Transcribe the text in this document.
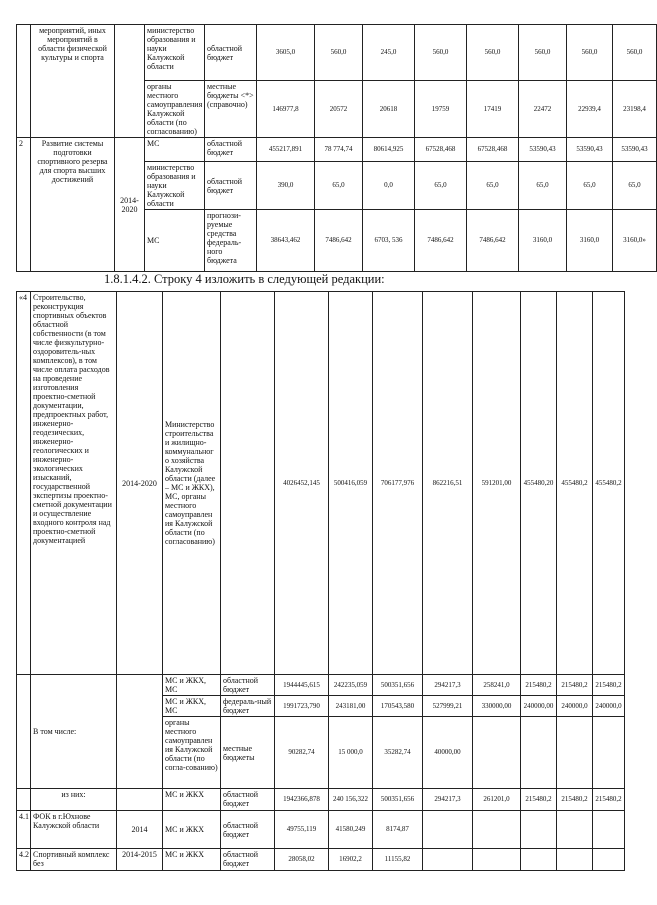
	мероприятий, иных мероприятий в области физической культуры и спорта		министерство образования и науки Калужской области	областной бюджет	3605,0	560,0	245,0	560,0	560,0	560,0	560,0	560,0
			органы местного самоуправления Калужской области (по согласованию)	местные бюджеты <*> (справочно)	146977,8	20572	20618	19759	17419	22472	22939,4	23198,4
2	Развитие системы подготовки спортивного резерва для спорта высших достижений	2014-2020	МС	областной бюджет	455217,891	78 774,74	80614,925	67528,468	67528,468	53590,43	53590,43	53590,43
			министерство образования и науки Калужской области	областной бюджет	390,0	65,0	0,0	65,0	65,0	65,0	65,0	65,0
			МС	прогнози-руемые средства федераль-ного бюджета	38643,462	7486,642	6703, 536	7486,642	7486,642	3160,0	3160,0	3160,0»
1.8.1.4.2. Строку 4 изложить в следующей редакции:
«4	Строительство, реконструкция спортивных объектов областной собственности (в том числе физкультурно-оздоровитель-ных комплексов), в том числе оплата расходов на проведение изготовления проектно-сметной документации, предпроектных работ, инженерно-геодезических, инженерно-геологических и инженерно-экологических изысканий, государственной экспертизы проектно-сметной документации и осуществление входного контроля над проектно-сметной документацией	2014-2020	Министерство строительства и жилищно-коммунальног о хозяйства Калужской области (далее – МС и ЖКХ), МС, органы местного самоуправлен ия Калужской области (по согласованию)		4026452,145	500416,059	706177,976	862216,51	591201,00	455480,20	455480,2	455480,2
	В том числе:		МС и ЖКХ, МС	областной бюджет	1944445,615	242235,059	500351,656	294217,3	258241,0	215480,2	215480,2	215480,2
			МС и ЖКХ, МС	федераль-ный бюджет	1991723,790	243181,00	170543,580	527999,21	330000,00	240000,00	240000,0	240000,0
			органы местного самоуправлен ия Калужской области (по согла-сованию)	местные бюджеты	90282,74	15 000,0	35282,74	40000,00				
	из них:		МС и ЖКХ	областной бюджет	1942366,878	240 156,322	500351,656	294217,3	261201,0	215480,2	215480,2	215480,2
4.1	ФОК в г.Юхнове Калужской области	2014	МС и ЖКХ	областной бюджет	49755,119	41580,249	8174,87					
4.2	Спортивный комплекс без	2014-2015	МС и ЖКХ	областной бюджет	28058,02	16902,2	11155,82					
